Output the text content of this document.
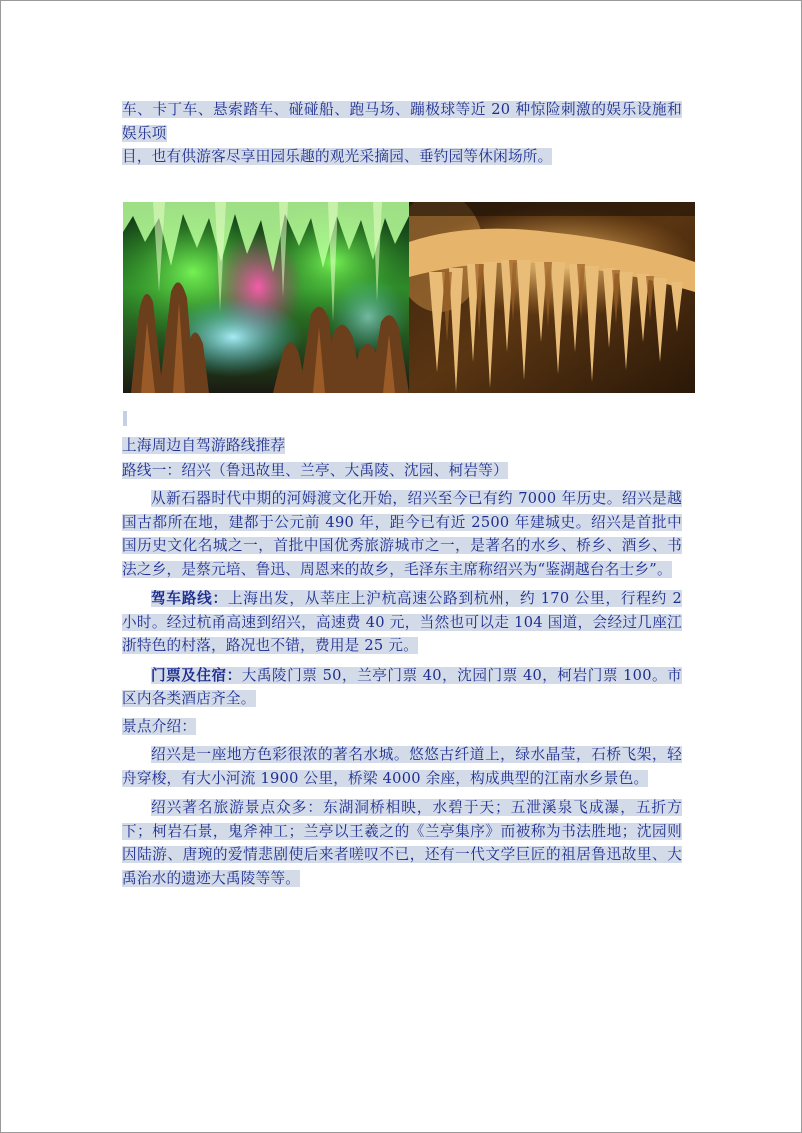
车、卡丁车、悬索踏车、碰碰船、跑马场、蹦极球等近 20 种惊险刺激的娱乐设施和娱乐项

目，也有供游客尽享田园乐趣的观光采摘园、垂钓园等休闲场所。

上海周边自驾游路线推荐

路线一：绍兴（鲁迅故里、兰亭、大禹陵、沈园、柯岩等）

从新石器时代中期的河姆渡文化开始，绍兴至今已有约 7000 年历史。绍兴是越国古都所在地，建都于公元前 490 年，距今已有近 2500 年建城史。绍兴是首批中国历史文化名城之一，首批中国优秀旅游城市之一，是著名的水乡、桥乡、酒乡、书法之乡，是蔡元培、鲁迅、周恩来的故乡，毛泽东主席称绍兴为“鉴湖越台名士乡”。

驾车路线：上海出发，从莘庄上沪杭高速公路到杭州，约 170 公里，行程约 2 小时。经过杭甬高速到绍兴，高速费 40 元，当然也可以走 104 国道，会经过几座江浙特色的村落，路况也不错，费用是 25 元。

门票及住宿：大禹陵门票 50，兰亭门票 40，沈园门票 40，柯岩门票 100。市区内各类酒店齐全。

景点介绍：

绍兴是一座地方色彩很浓的著名水城。悠悠古纤道上，绿水晶莹，石桥飞架，轻舟穿梭，有大小河流 1900 公里，桥梁 4000 余座，构成典型的江南水乡景色。

绍兴著名旅游景点众多：东湖洞桥相映，水碧于天；五泄溪泉飞成瀑，五折方下；柯岩石景，鬼斧神工；兰亭以王羲之的《兰亭集序》而被称为书法胜地；沈园则因陆游、唐琬的爱情悲剧使后来者嗟叹不已，还有一代文学巨匠的祖居鲁迅故里、大禹治水的遗迹大禹陵等等。
